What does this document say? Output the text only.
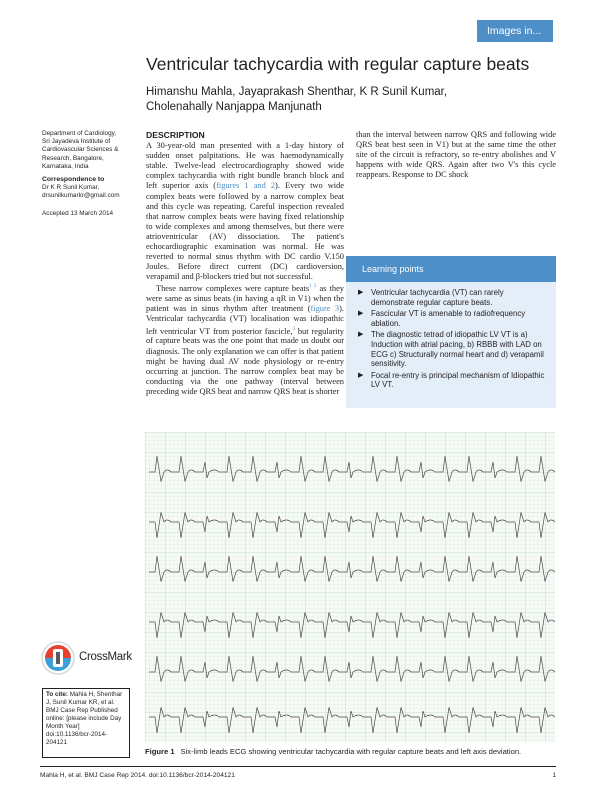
Images in...
Ventricular tachycardia with regular capture beats
Himanshu Mahla, Jayaprakash Shenthar, K R Sunil Kumar,
Cholenahally Nanjappa Manjunath
Department of Cardiology,
Sri Jayadeva Institute of
Cardiovascular Sciences &
Research, Bangalore,
Karnataka, India
Correspondence to
Dr K R Sunil Kumar,
drsunilkumarkr@gmail.com
Accepted 13 March 2014
CrossMark
To cite: Mahla H, Shenthar J, Sunil Kumar KR, et al. BMJ Case Rep Published online: [please include Day Month Year] doi:10.1136/bcr-2014-204121
DESCRIPTION

A 30-year-old man presented with a 1-day history of sudden onset palpitations. He was haemodynamically stable. Twelve-lead electrocardiography showed wide complex tachycardia with right bundle branch block and left superior axis (figures 1 and 2). Every two wide complex beats were followed by a narrow complex beat and this cycle was repeating. Careful inspection revealed that narrow complex beats were having fixed relationship to wide complexes and among themselves, but there were atrioventricular (AV) dissociation. The patient's echocardiographic examination was normal. He was reverted to normal sinus rhythm with DC cardio V.150 Joules. Before direct current (DC) cardioversion, verapamil and β-blockers tried but not successful.

These narrow complexes were capture beats$^{1 2}$ as they were same as sinus beats (in having a qR in V1) when the patient was in sinus rhythm after treatment (figure 3). Ventricular tachycardia (VT) localisation was idiopathic left ventricular VT from posterior fascicle,$^3$ but regularity of capture beats was the one point that made us doubt our diagnosis. The only explanation we can offer is that patient might be having dual AV node physiology or re-entry occurring at junction. The narrow complex beat may be conducting via the one pathway (interval between preceding wide QRS beat and narrow QRS beat is shorter

than the interval between narrow QRS and following wide QRS beat best seen in V1) but at the same time the other site of the circuit is refractory, so re-entry abolishes and V happens with wide QRS. Again after two V's this cycle reappears. Response to DC shock

Learning points
▶ Ventricular tachycardia (VT) can rarely demonstrate regular capture beats.
▶ Fascicular VT is amenable to radiofrequency ablation.
▶ The diagnostic tetrad of idiopathic LV VT is a) Induction with atrial pacing, b) RBBB with LAD on ECG c) Structurally normal heart and d) verapamil sensitivity.
▶ Focal re-entry is principal mechanism of Idiopathic LV VT.
Figure 1 Six-limb leads ECG showing ventricular tachycardia with regular capture beats and left axis deviation.
Mahla H, et al. BMJ Case Rep 2014. doi:10.1136/bcr-2014-204121	1
